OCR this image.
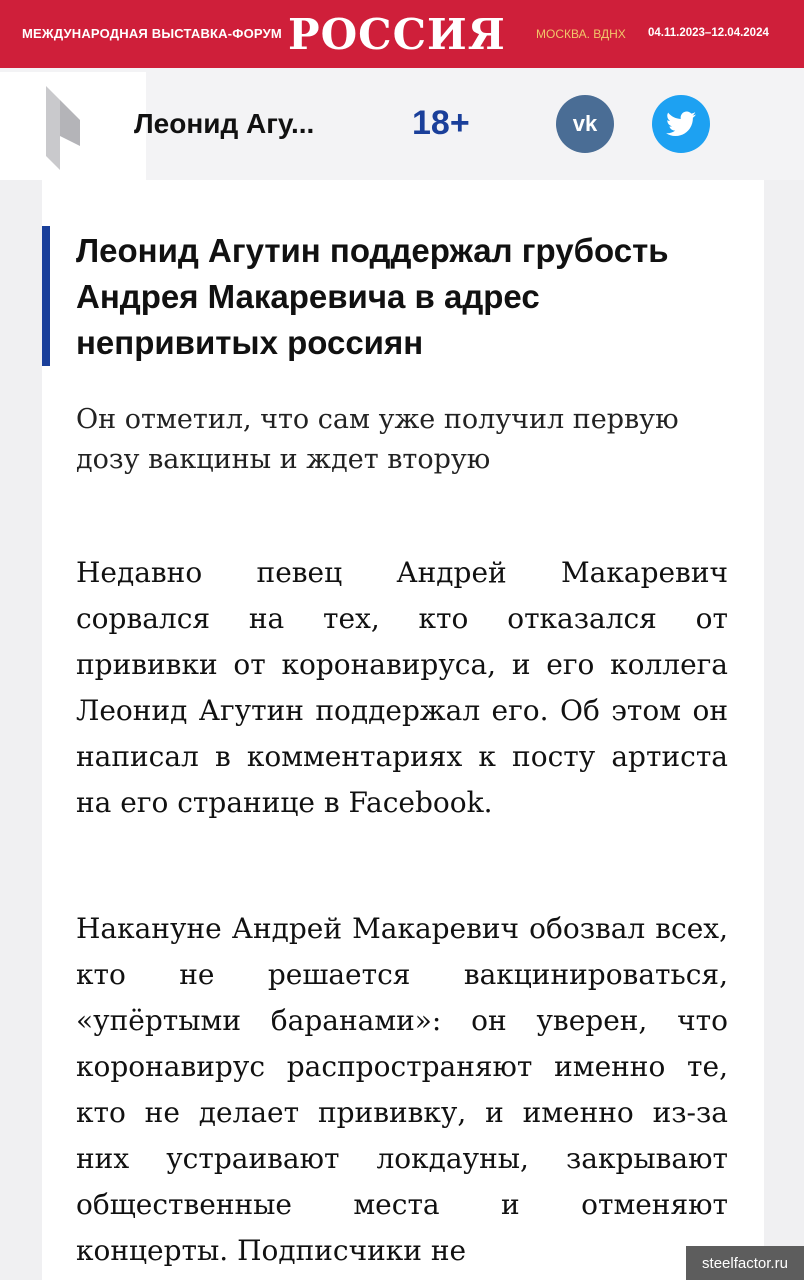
МЕЖДУНАРОДНАЯ ВЫСТАВКА-ФОРУМ РОССИЯ	МОСКВА. ВДНХ 04.11.2023–12.04.2024
Леонид Агу...	18+	vk
Леонид Агутин поддержал грубость Андрея Макаревича в адрес непривитых россиян

Он отметил, что сам уже получил первую дозу вакцины и ждет вторую

Недавно певец Андрей Макаревич сорвался на тех, кто отказался от прививки от коронавируса, и его коллега Леонид Агутин поддержал его. Об этом он написал в комментариях к посту артиста на его странице в Facebook.

Накануне Андрей Макаревич обозвал всех, кто не решается вакцинироваться, «упёртыми баранами»: он уверен, что коронавирус распространяют именно те, кто не делает прививку, и именно из-за них устраивают локдауны, закрывают общественные места и отменяют концерты. Подписчики не	steelfactor.ru
